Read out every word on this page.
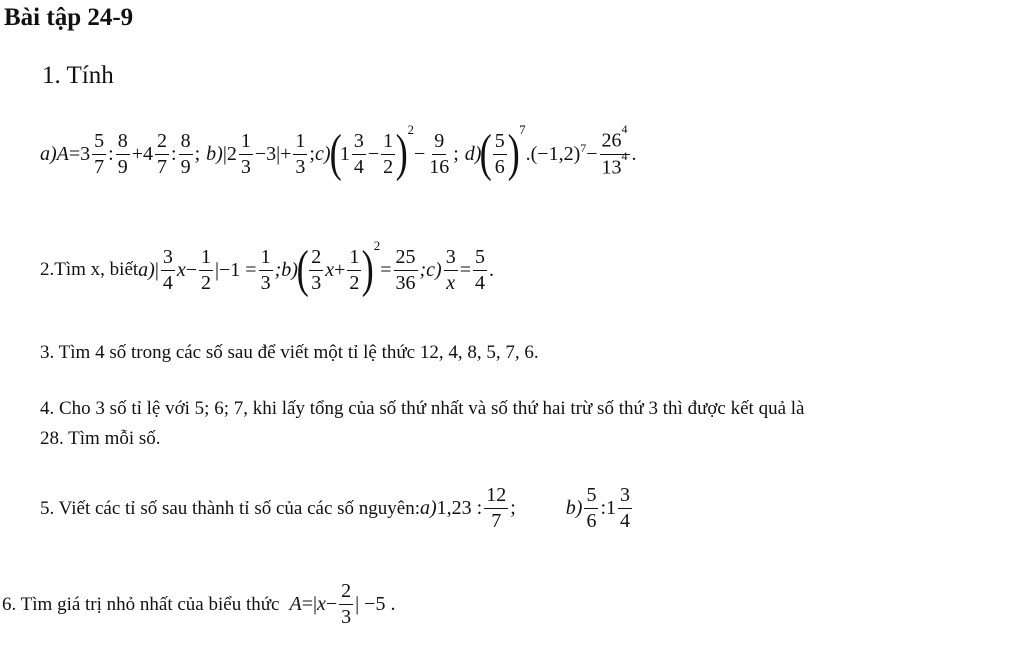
Bài tập 24-9
1. Tính
a) $A = 3 \frac{5}{7}$ : $\frac{8}{9} + 4 \frac{2}{7}$ : $\frac{8}{9}$ ; b) | $2 \frac{1}{3} -3$ | + $\frac{1}{3}$ ; c)
(
$1 \frac{3}{4} - \frac{1}{2} )^2$
− $\frac{9}{16}$ ; d)
( $\frac{5}{6} )^7$
$.(-1,2)^7 - \frac{26^4}{13^4}$ .
2.Tìm x, biết a) | $\frac{3}{4}$ $x - \frac{1}{2} |-1 = \frac{1}{3}$ ;b)
( $\frac{2}{3}$ $x + \frac{1}{2} )^2$
= $\frac{25}{36}$ ;c) $\frac{3}{x} = \frac{5}{4}$ .
3. Tìm 4 số trong các số sau để viết một tỉ lệ thức 12, 4, 8, 5, 7, 6.
4. Cho 3 số tỉ lệ với 5; 6; 7, khi lấy tổng của số thứ nhất và số thứ hai trừ số thứ 3 thì được kết quả là
28. Tìm mỗi số.
5. Viết các tỉ số sau thành tỉ số của các số nguyên: a) 1,23 : $\frac{12}{7}$ ;	$b) \frac{5}{6}$ :1 $\frac{3}{4}$
6. Tìm giá trị nhỏ nhất của biểu thức A =| $x - \frac{2}{3}$ | −5 .
